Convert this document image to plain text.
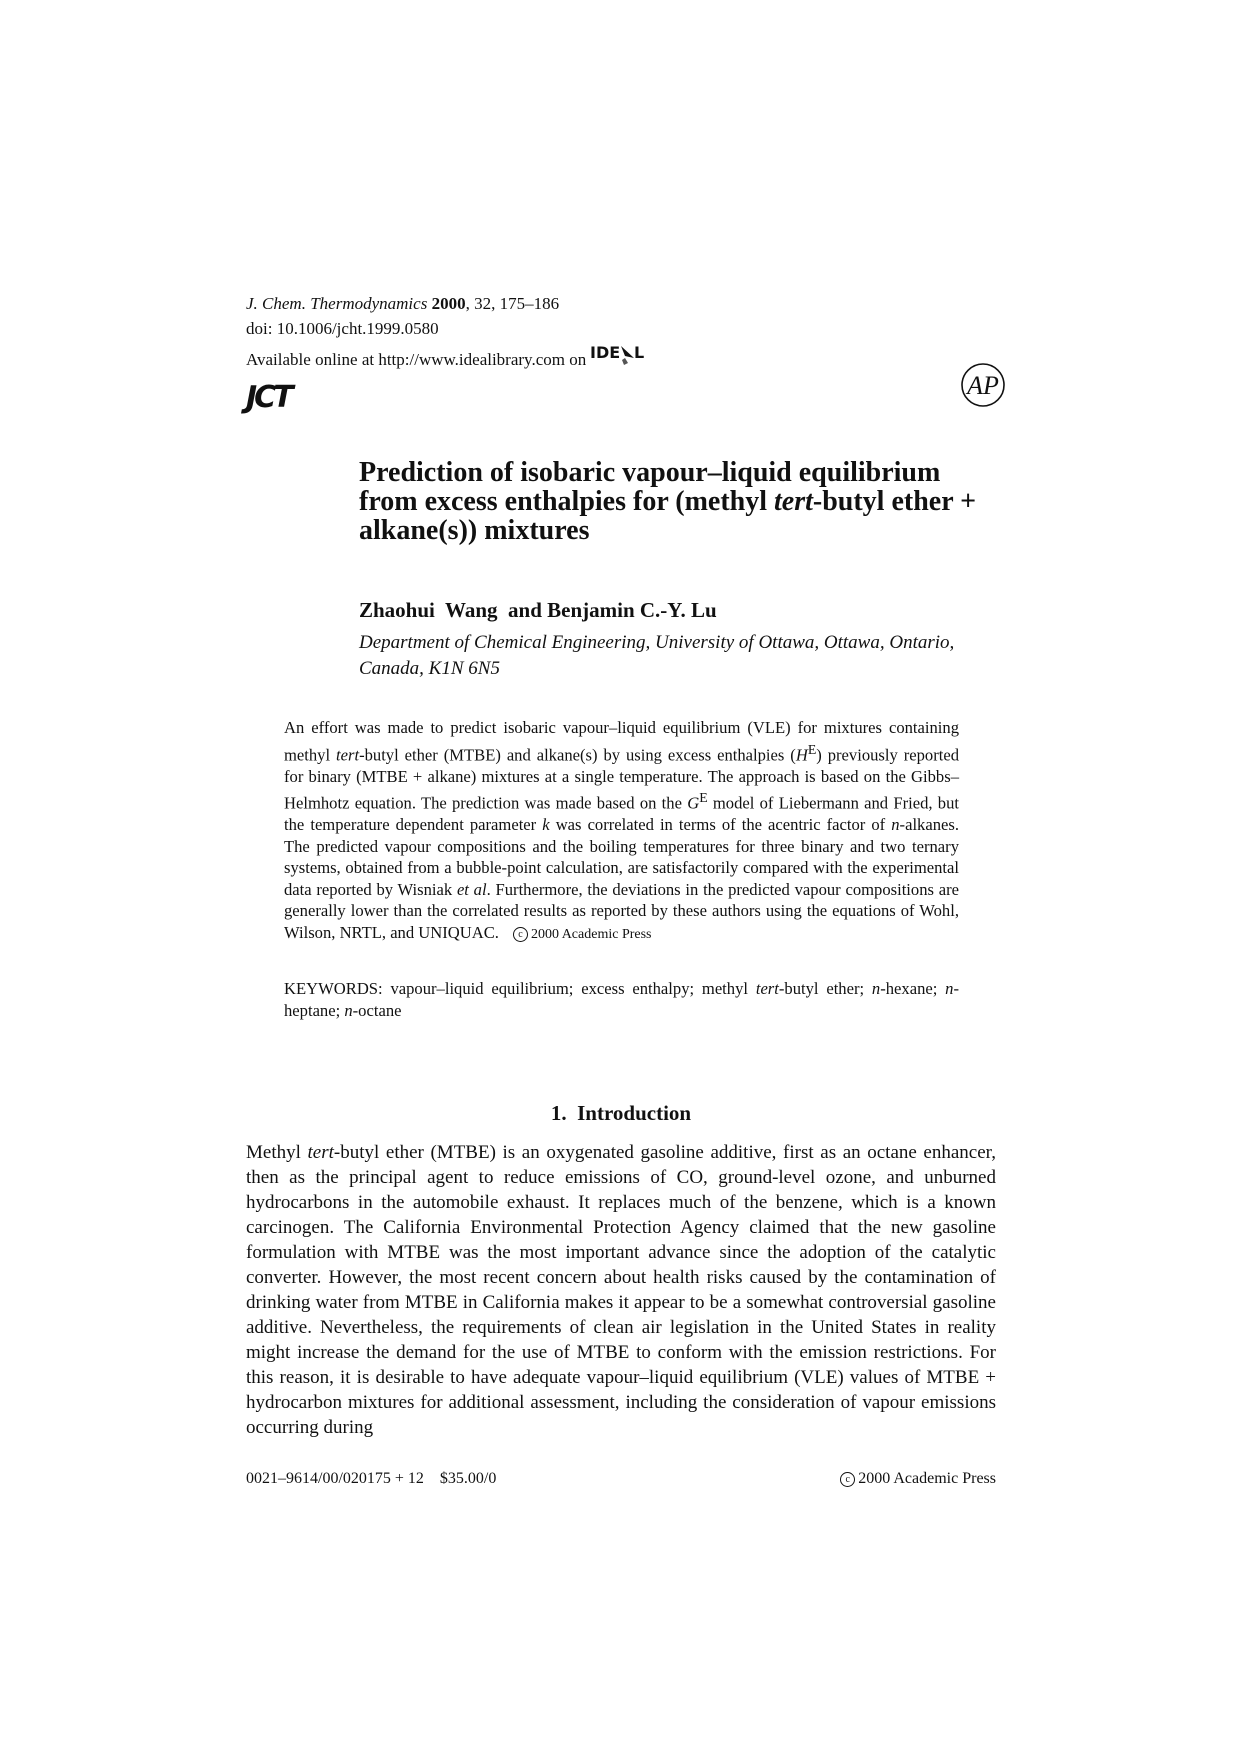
J. Chem. Thermodynamics 2000, 32, 175–186
doi: 10.1006/jcht.1999.0580
Available online at http://www.idealibrary.com on IDE L
JCT	AP
Prediction of isobaric vapour–liquid equilibrium from excess enthalpies for (methyl tert-butyl ether + alkane(s)) mixtures
Zhaohui  Wang  and Benjamin C.-Y. Lu
Department of Chemical Engineering, University of Ottawa, Ottawa, Ontario, Canada, K1N 6N5
An effort was made to predict isobaric vapour–liquid equilibrium (VLE) for mixtures containing methyl tert-butyl ether (MTBE) and alkane(s) by using excess enthalpies $(H^E)$ previously reported for binary (MTBE + alkane) mixtures at a single temperature. The approach is based on the Gibbs–Helmhotz equation. The prediction was made based on the $G^E$ model of Liebermann and Fried, but the temperature dependent parameter k was correlated in terms of the acentric factor of n-alkanes. The predicted vapour compositions and the boiling temperatures for three binary and two ternary systems, obtained from a bubble-point calculation, are satisfactorily compared with the experimental data reported by Wisniak et al. Furthermore, the deviations in the predicted vapour compositions are generally lower than the correlated results as reported by these authors using the equations of Wohl, Wilson, NRTL, and UNIQUAC. c 2000 Academic Press
KEYWORDS: vapour–liquid equilibrium; excess enthalpy; methyl tert-butyl ether; n-hexane; n-heptane; n-octane
1.  Introduction
Methyl tert-butyl ether (MTBE) is an oxygenated gasoline additive, first as an octane enhancer, then as the principal agent to reduce emissions of CO, ground-level ozone, and unburned hydrocarbons in the automobile exhaust. It replaces much of the benzene, which is a known carcinogen. The California Environmental Protection Agency claimed that the new gasoline formulation with MTBE was the most important advance since the adoption of the catalytic converter. However, the most recent concern about health risks caused by the contamination of drinking water from MTBE in California makes it appear to be a somewhat controversial gasoline additive. Nevertheless, the requirements of clean air legislation in the United States in reality might increase the demand for the use of MTBE to conform with the emission restrictions. For this reason, it is desirable to have adequate vapour–liquid equilibrium (VLE) values of MTBE + hydrocarbon mixtures for additional assessment, including the consideration of vapour emissions occurring during
0021–9614/00/020175 + 12    $35.00/0	c 2000 Academic Press
